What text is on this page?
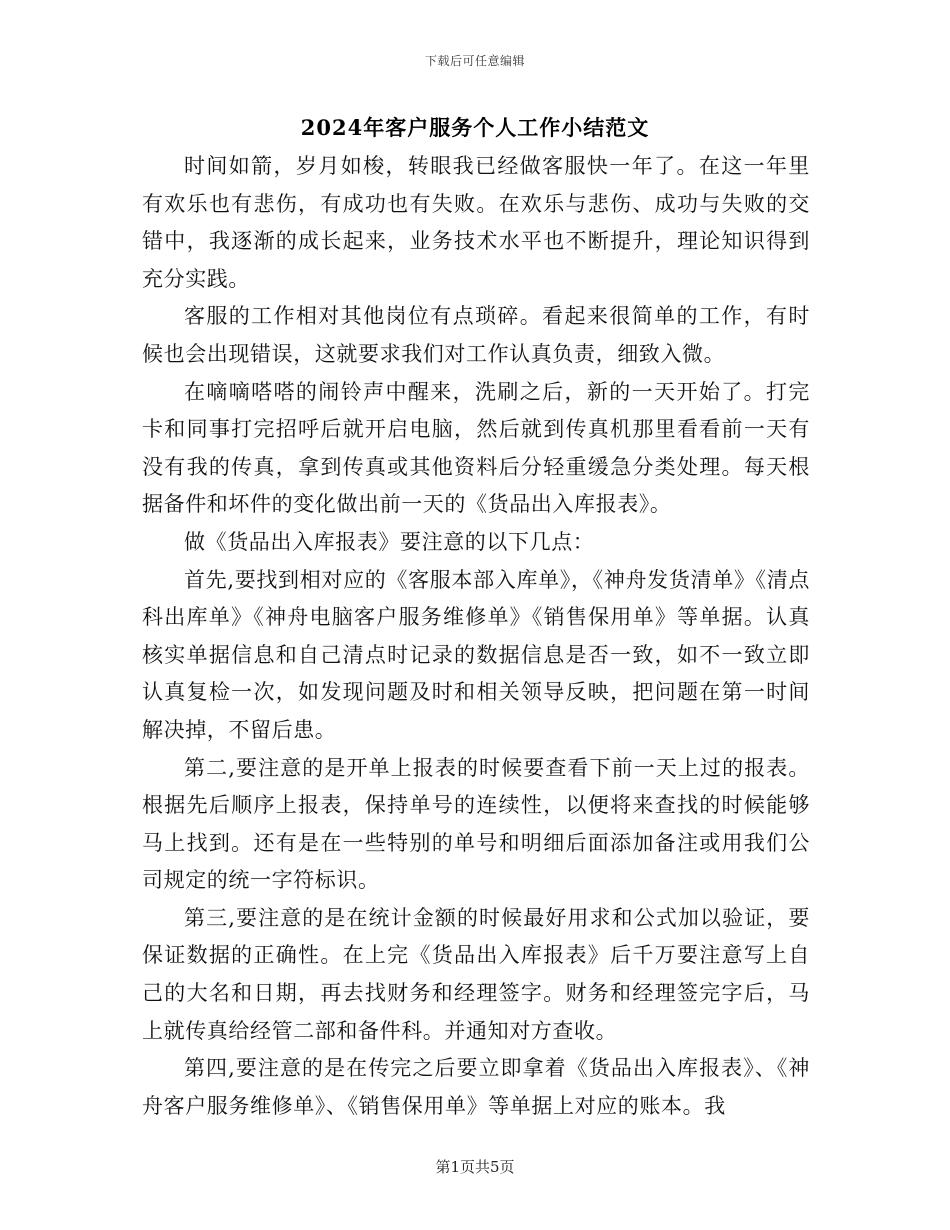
下载后可任意编辑
2024年客户服务个人工作小结范文

时间如箭，岁月如梭，转眼我已经做客服快一年了。在这一年里有欢乐也有悲伤，有成功也有失败。在欢乐与悲伤、成功与失败的交错中，我逐渐的成长起来，业务技术水平也不断提升，理论知识得到充分实践。

客服的工作相对其他岗位有点琐碎。看起来很简单的工作，有时候也会出现错误，这就要求我们对工作认真负责，细致入微。

在嘀嘀嗒嗒的闹铃声中醒来，洗刷之后，新的一天开始了。打完卡和同事打完招呼后就开启电脑，然后就到传真机那里看看前一天有没有我的传真，拿到传真或其他资料后分轻重缓急分类处理。每天根据备件和坏件的变化做出前一天的《货品出入库报表》。

做《货品出入库报表》要注意的以下几点：

首先,要找到相对应的《客服本部入库单》，《神舟发货清单》《清点科出库单》《神舟电脑客户服务维修单》《销售保用单》等单据。认真核实单据信息和自己清点时记录的数据信息是否一致，如不一致立即认真复检一次，如发现问题及时和相关领导反映，把问题在第一时间解决掉，不留后患。

第二,要注意的是开单上报表的时候要查看下前一天上过的报表。根据先后顺序上报表，保持单号的连续性，以便将来查找的时候能够马上找到。还有是在一些特别的单号和明细后面添加备注或用我们公司规定的统一字符标识。

第三,要注意的是在统计金额的时候最好用求和公式加以验证，要保证数据的正确性。在上完《货品出入库报表》后千万要注意写上自己的大名和日期，再去找财务和经理签字。财务和经理签完字后，马上就传真给经管二部和备件科。并通知对方查收。

第四,要注意的是在传完之后要立即拿着《货品出入库报表》、《神舟客户服务维修单》、《销售保用单》等单据上对应的账本。我

第1页共5页
